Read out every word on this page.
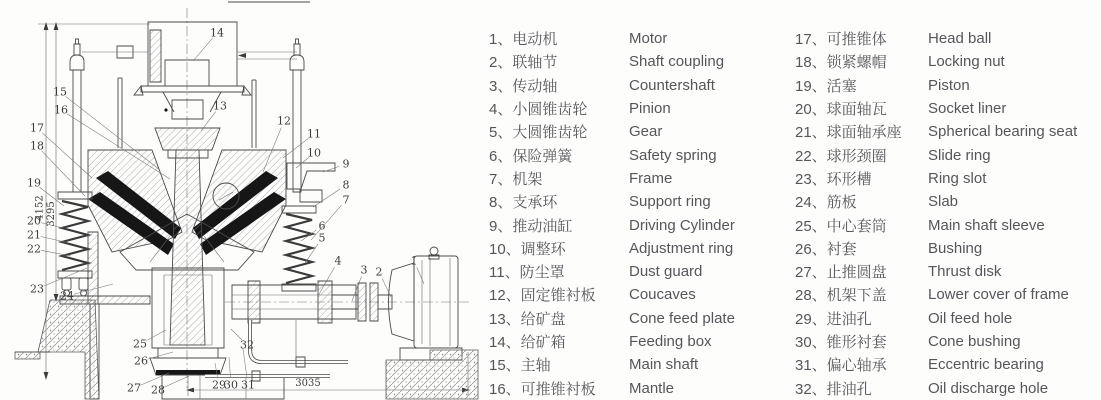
4152 3295
3035
1
2
3
4
5
6
7
8
9
10
11
12
13
14
15
16
17
18
19
20
21
22
23
24
25
26
27 28	29
30 31
32
1、电动机	Motor
2、联轴节	Shaft coupling
3、传动轴	Countershaft
4、小圆锥齿轮	Pinion
5、大圆锥齿轮	Gear
6、保险弹簧	Safety spring
7、机架	Frame
8、支承环	Support ring
9、推动油缸	Driving Cylinder
10、调整环	Adjustment ring
11、防尘罩	Dust guard
12、固定锥衬板	Coucaves
13、给矿盘	Cone feed plate
14、给矿箱	Feeding box
15、主轴	Main shaft
16、可推锥衬板	Mantle
17、可推锥体	Head ball
18、锁紧螺帽	Locking nut
19、活塞	Piston
20、球面轴瓦	Socket liner
21、球面轴承座	Spherical bearing seat
22、球形颈圈	Slide ring
23、环形槽	Ring slot
24、筋板	Slab
25、中心套筒	Main shaft sleeve
26、衬套	Bushing
27、止推圆盘	Thrust disk
28、机架下盖	Lower cover of frame
29、进油孔	Oil feed hole
30、锥形衬套	Cone bushing
31、偏心轴承	Eccentric bearing
32、排油孔	Oil discharge hole
